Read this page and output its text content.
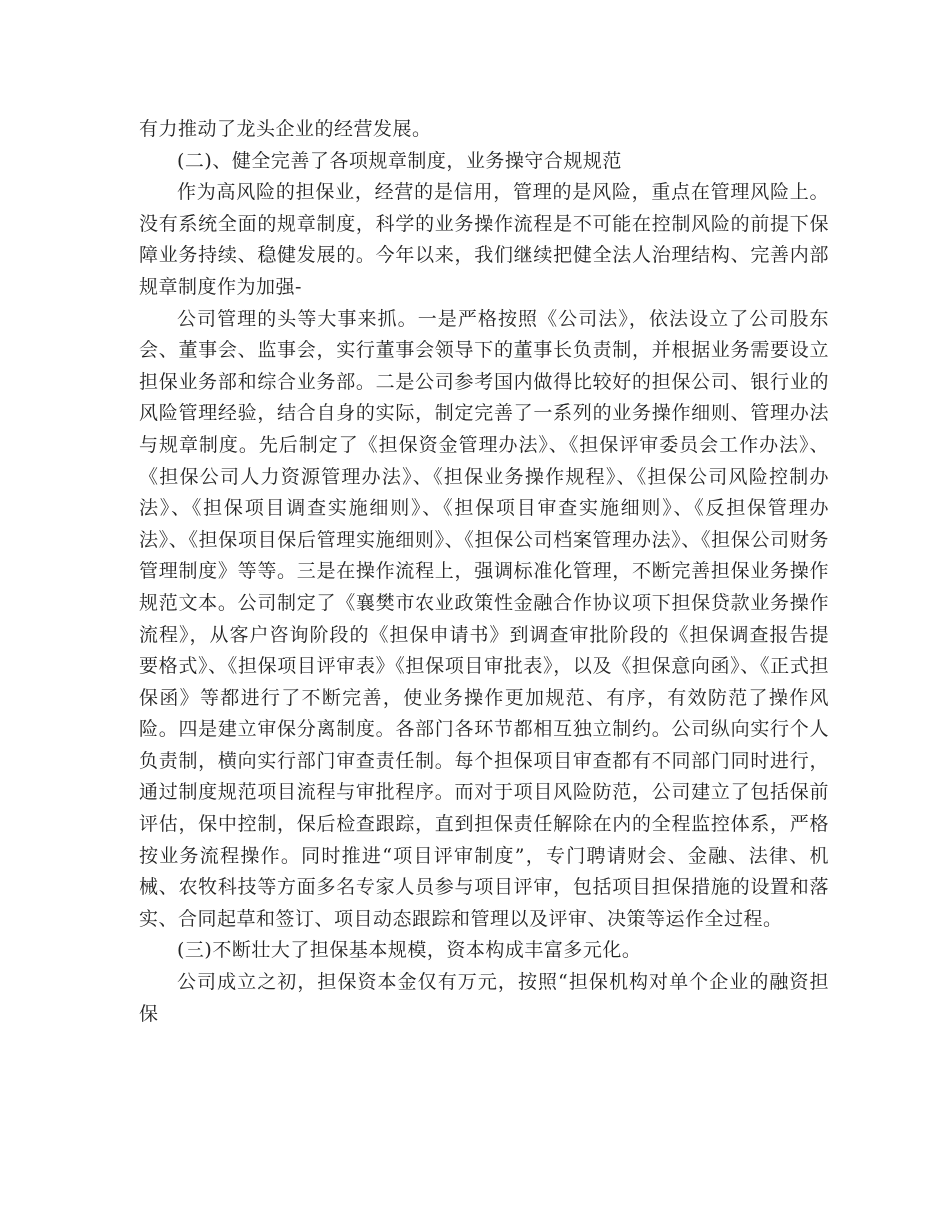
有力推动了龙头企业的经营发展。

(二)、健全完善了各项规章制度，业务操守合规规范

作为高风险的担保业，经营的是信用，管理的是风险，重点在管理风险上。没有系统全面的规章制度，科学的业务操作流程是不可能在控制风险的前提下保障业务持续、稳健发展的。今年以来，我们继续把健全法人治理结构、完善内部规章制度作为加强-

公司管理的头等大事来抓。一是严格按照《公司法》，依法设立了公司股东会、董事会、监事会，实行董事会领导下的董事长负责制，并根据业务需要设立担保业务部和综合业务部。二是公司参考国内做得比较好的担保公司、银行业的风险管理经验，结合自身的实际，制定完善了一系列的业务操作细则、管理办法与规章制度。先后制定了《担保资金管理办法》、《担保评审委员会工作办法》、《担保公司人力资源管理办法》、《担保业务操作规程》、《担保公司风险控制办法》、《担保项目调查实施细则》、《担保项目审查实施细则》、《反担保管理办法》、《担保项目保后管理实施细则》、《担保公司档案管理办法》、《担保公司财务管理制度》等等。三是在操作流程上，强调标准化管理，不断完善担保业务操作规范文本。公司制定了《襄樊市农业政策性金融合作协议项下担保贷款业务操作流程》，从客户咨询阶段的《担保申请书》到调查审批阶段的《担保调查报告提要格式》、《担保项目评审表》《担保项目审批表》，以及《担保意向函》、《正式担保函》等都进行了不断完善，使业务操作更加规范、有序，有效防范了操作风险。四是建立审保分离制度。各部门各环节都相互独立制约。公司纵向实行个人负责制，横向实行部门审查责任制。每个担保项目审查都有不同部门同时进行，通过制度规范项目流程与审批程序。而对于项目风险防范，公司建立了包括保前评估，保中控制，保后检查跟踪，直到担保责任解除在内的全程监控体系，严格按业务流程操作。同时推进“项目评审制度”，专门聘请财会、金融、法律、机械、农牧科技等方面多名专家人员参与项目评审，包括项目担保措施的设置和落实、合同起草和签订、项目动态跟踪和管理以及评审、决策等运作全过程。

(三)不断壮大了担保基本规模，资本构成丰富多元化。

公司成立之初，担保资本金仅有万元，按照“担保机构对单个企业的融资担保
